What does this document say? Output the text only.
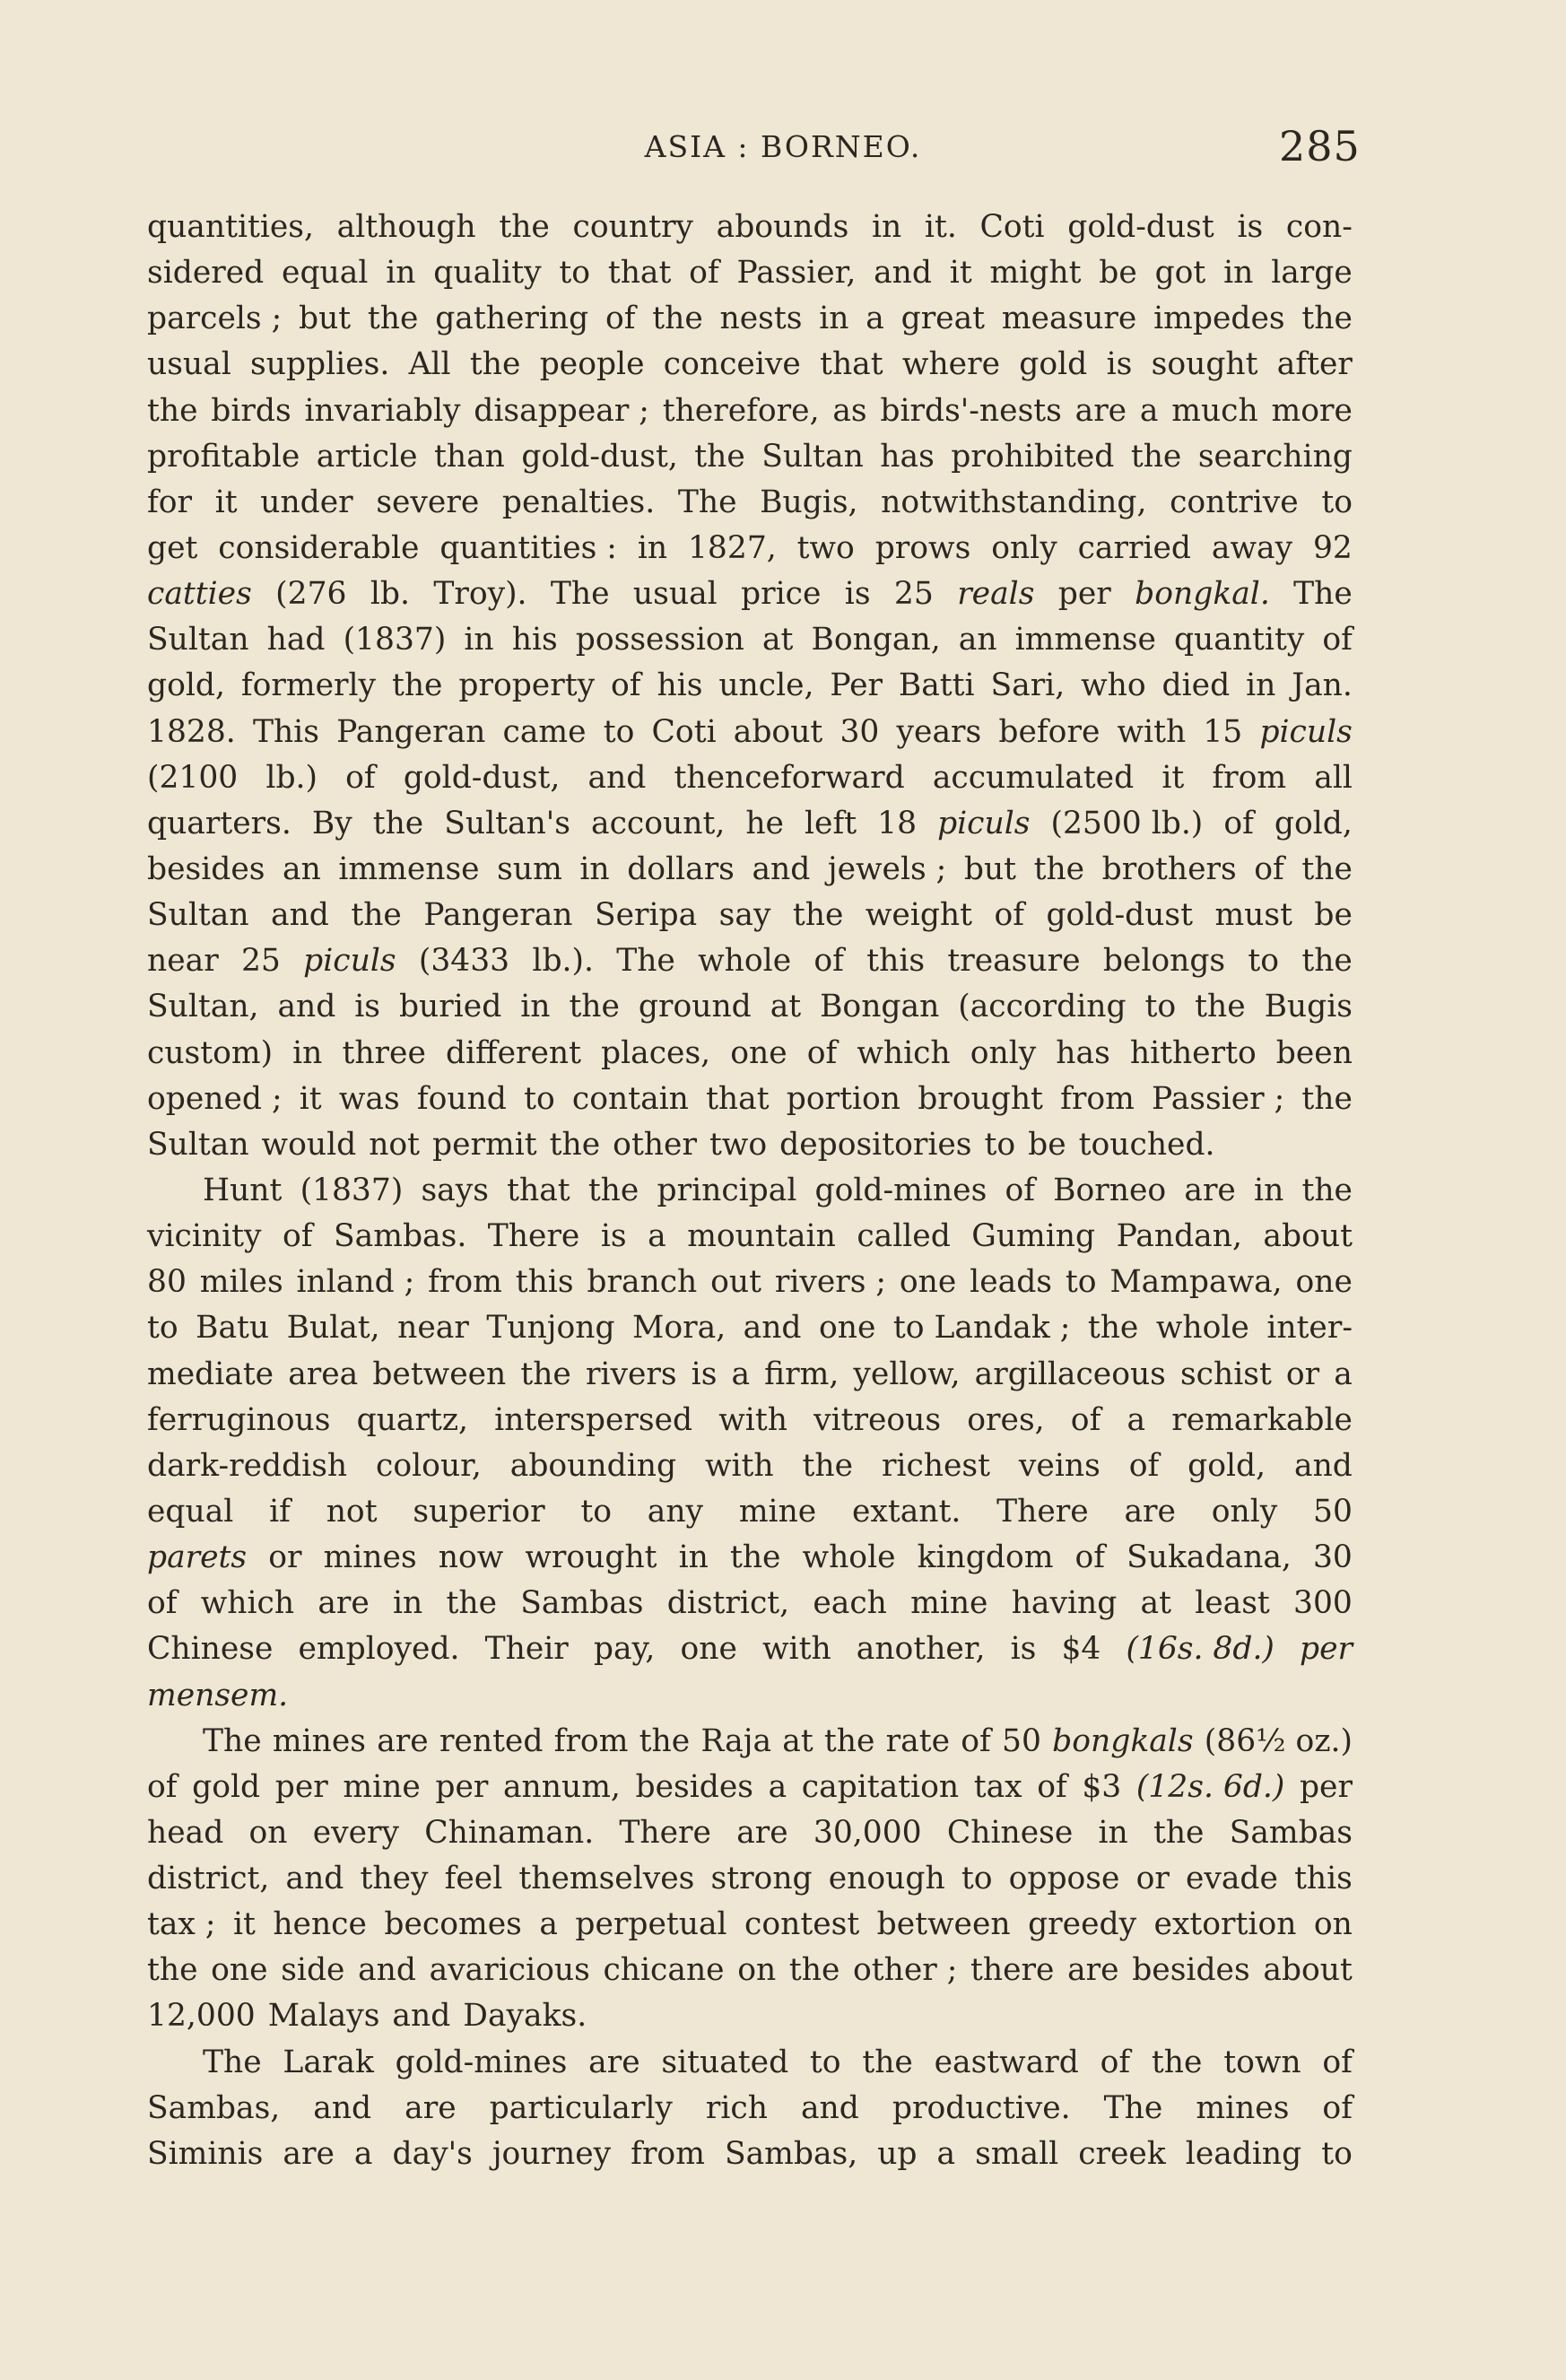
ASIA : BORNEO.	285
quantities, although the country abounds in it. Coti gold-dust is con-
sidered equal in quality to that of Passier, and it might be got in large
parcels ; but the gathering of the nests in a great measure impedes the
usual supplies. All the people conceive that where gold is sought after
the birds invariably disappear ; therefore, as birds'-nests are a much more
profitable article than gold-dust, the Sultan has prohibited the searching
for it under severe penalties. The Bugis, notwithstanding, contrive to
get considerable quantities : in 1827, two prows only carried away 92
catties (276 lb. Troy). The usual price is 25 reals per bongkal. The
Sultan had (1837) in his possession at Bongan, an immense quantity of
gold, formerly the property of his uncle, Per Batti Sari, who died in Jan.
1828. This Pangeran came to Coti about 30 years before with 15 piculs
(2100 lb.) of gold-dust, and thenceforward accumulated it from all
quarters. By the Sultan's account, he left 18 piculs (2500 lb.) of gold,
besides an immense sum in dollars and jewels ; but the brothers of the
Sultan and the Pangeran Seripa say the weight of gold-dust must be
near 25 piculs (3433 lb.). The whole of this treasure belongs to the
Sultan, and is buried in the ground at Bongan (according to the Bugis
custom) in three different places, one of which only has hitherto been
opened ; it was found to contain that portion brought from Passier ; the
Sultan would not permit the other two depositories to be touched.
Hunt (1837) says that the principal gold-mines of Borneo are in the
vicinity of Sambas. There is a mountain called Guming Pandan, about
80 miles inland ; from this branch out rivers ; one leads to Mampawa, one
to Batu Bulat, near Tunjong Mora, and one to Landak ; the whole inter-
mediate area between the rivers is a firm, yellow, argillaceous schist or a
ferruginous quartz, interspersed with vitreous ores, of a remarkable
dark-reddish colour, abounding with the richest veins of gold, and
equal if not superior to any mine extant. There are only 50
parets or mines now wrought in the whole kingdom of Sukadana, 30
of which are in the Sambas district, each mine having at least 300
Chinese employed. Their pay, one with another, is $4 (16s. 8d.) per
mensem.
The mines are rented from the Raja at the rate of 50 bongkals (86½ oz.)
of gold per mine per annum, besides a capitation tax of $3 (12s. 6d.) per
head on every Chinaman. There are 30,000 Chinese in the Sambas
district, and they feel themselves strong enough to oppose or evade this
tax ; it hence becomes a perpetual contest between greedy extortion on
the one side and avaricious chicane on the other ; there are besides about
12,000 Malays and Dayaks.
The Larak gold-mines are situated to the eastward of the town of
Sambas, and are particularly rich and productive. The mines of
Siminis are a day's journey from Sambas, up a small creek leading to
